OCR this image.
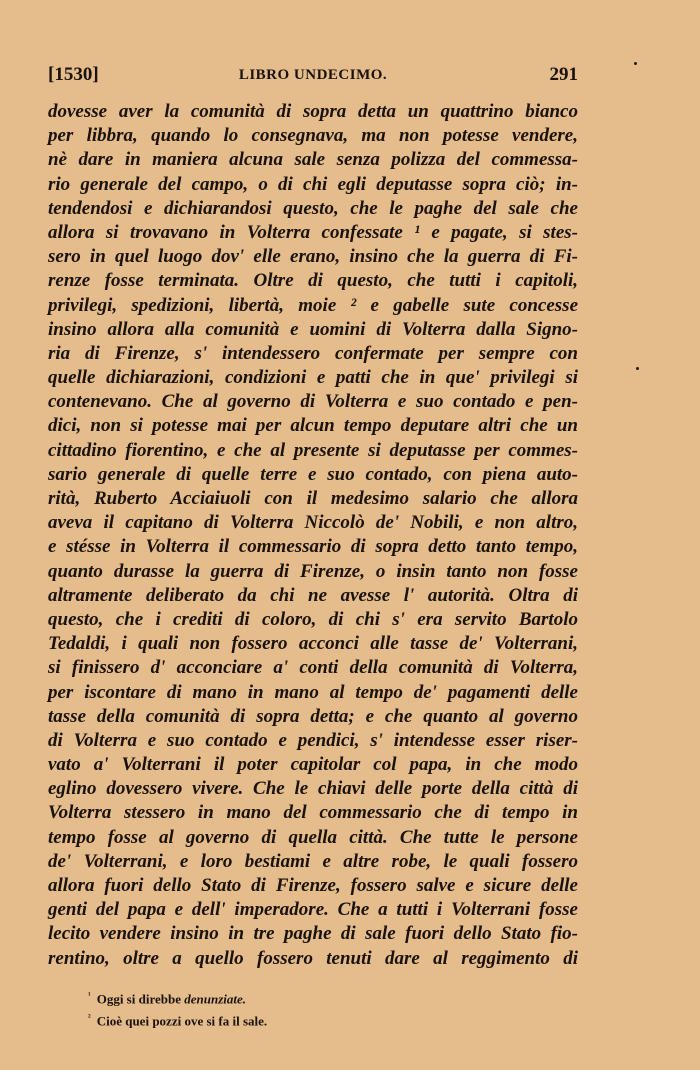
[1530]	LIBRO UNDECIMO.	291
dovesse aver la comunità di sopra detta un quattrino bianco
per libbra, quando lo consegnava, ma non potesse vendere,
nè dare in maniera alcuna sale senza polizza del commessa-
rio generale del campo, o di chi egli deputasse sopra ciò; in-
tendendosi e dichiarandosi questo, che le paghe del sale che
allora si trovavano in Volterra confessate ¹ e pagate, si stes-
sero in quel luogo dov' elle erano, insino che la guerra di Fi-
renze fosse terminata. Oltre di questo, che tutti i capitoli,
privilegi, spedizioni, libertà, moie ² e gabelle sute concesse
insino allora alla comunità e uomini di Volterra dalla Signo-
ria di Firenze, s' intendessero confermate per sempre con
quelle dichiarazioni, condizioni e patti che in que' privilegi si
contenevano. Che al governo di Volterra e suo contado e pen-
dici, non si potesse mai per alcun tempo deputare altri che un
cittadino fiorentino, e che al presente si deputasse per commes-
sario generale di quelle terre e suo contado, con piena auto-
rità, Ruberto Acciaiuoli con il medesimo salario che allora
aveva il capitano di Volterra Niccolò de' Nobili, e non altro,
e stésse in Volterra il commessario di sopra detto tanto tempo,
quanto durasse la guerra di Firenze, o insin tanto non fosse
altramente deliberato da chi ne avesse l' autorità. Oltra di
questo, che i crediti di coloro, di chi s' era servito Bartolo
Tedaldi, i quali non fossero acconci alle tasse de' Volterrani,
si finissero d' acconciare a' conti della comunità di Volterra,
per iscontare di mano in mano al tempo de' pagamenti delle
tasse della comunità di sopra detta; e che quanto al governo
di Volterra e suo contado e pendici, s' intendesse esser riser-
vato a' Volterrani il poter capitolar col papa, in che modo
eglino dovessero vivere. Che le chiavi delle porte della città di
Volterra stessero in mano del commessario che di tempo in
tempo fosse al governo di quella città. Che tutte le persone
de' Volterrani, e loro bestiami e altre robe, le quali fossero
allora fuori dello Stato di Firenze, fossero salve e sicure delle
genti del papa e dell' imperadore. Che a tutti i Volterrani fosse
lecito vendere insino in tre paghe di sale fuori dello Stato fio-
rentino, oltre a quello fossero tenuti dare al reggimento di
$^{^1}$ Oggi si direbbe denunziate.
$^{^2}$ Cioè quei pozzi ove si fa il sale.
